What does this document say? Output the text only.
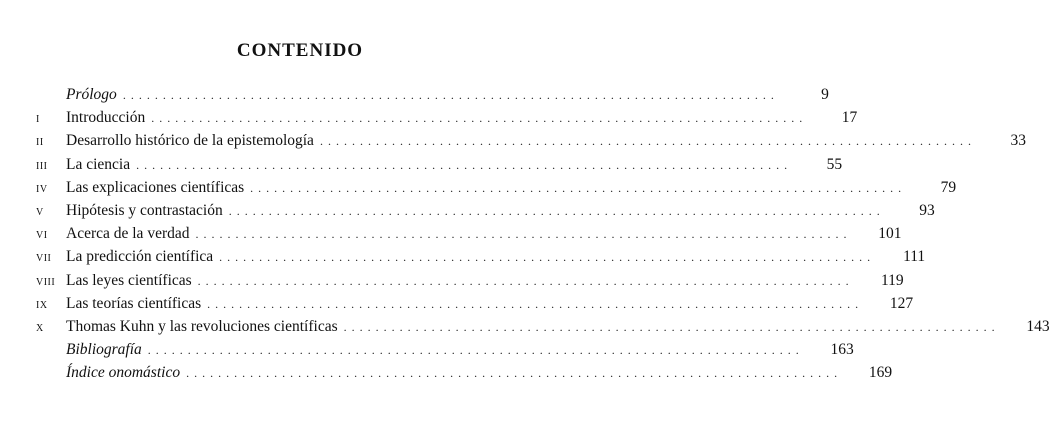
CONTENIDO
Prólogo ..................................................................................	9
I	Introducción ..................................................................................	17
II	Desarrollo histórico de la epistemología ..................................................................................	33
III	La ciencia ..................................................................................	55
IV	Las explicaciones científicas ..................................................................................	79
V	Hipótesis y contrastación ..................................................................................	93
VI	Acerca de la verdad ..................................................................................	101
VII La predicción científica ..................................................................................	111
VIII Las leyes científicas ..................................................................................	119
IX	Las teorías científicas ..................................................................................	127
X	Thomas Kuhn y las revoluciones científicas ..................................................................................	143
Bibliografía ..................................................................................	163
Índice onomástico ..................................................................................	169
